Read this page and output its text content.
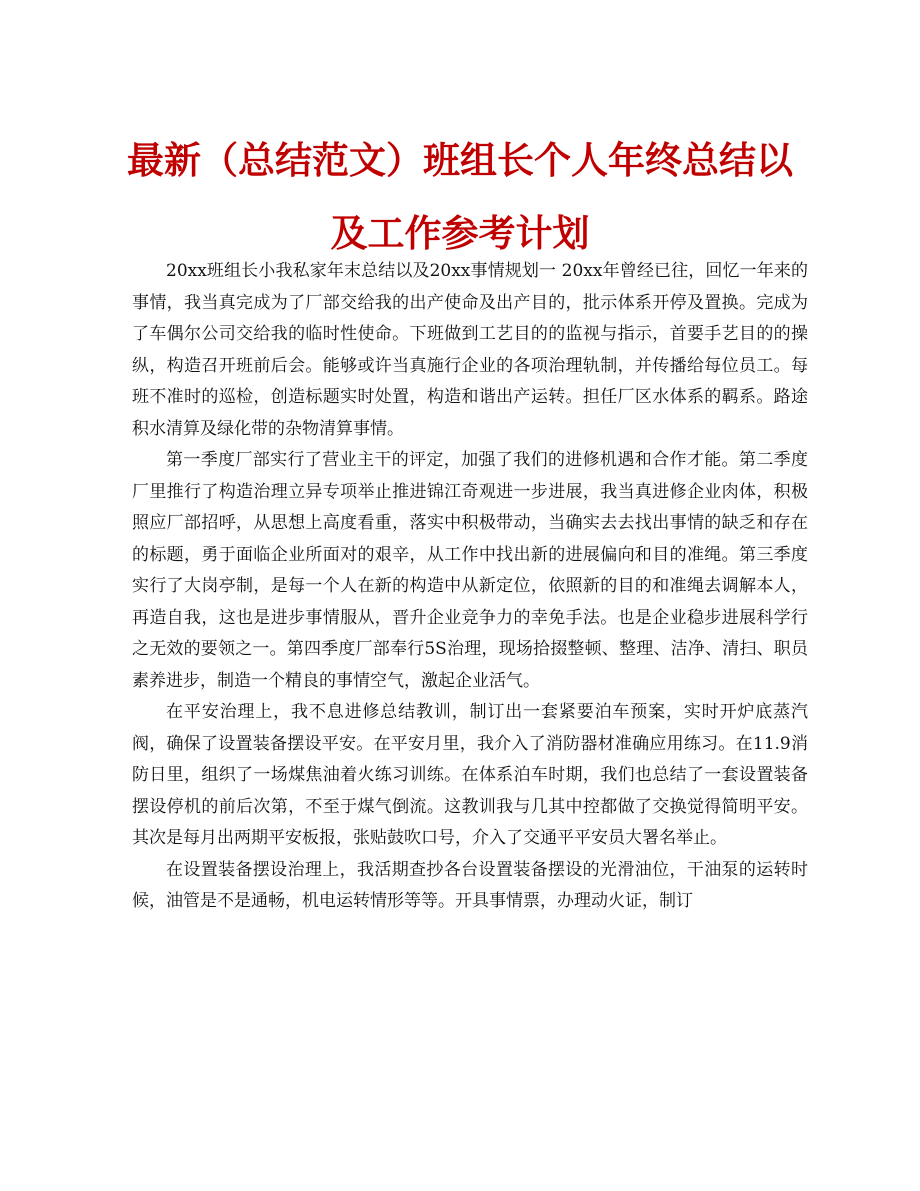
最新（总结范文）班组长个人年终总结以及工作参考计划

20xx班组长小我私家年末总结以及20xx事情规划一 20xx年曾经已往，回忆一年来的事情，我当真完成为了厂部交给我的出产使命及出产目的，批示体系开停及置换。完成为了车偶尔公司交给我的临时性使命。下班做到工艺目的的监视与指示，首要手艺目的的操纵，构造召开班前后会。能够或许当真施行企业的各项治理轨制，并传播给每位员工。每班不准时的巡检，创造标题实时处置，构造和谐出产运转。担任厂区水体系的羁系。路途积水清算及绿化带的杂物清算事情。

第一季度厂部实行了营业主干的评定，加强了我们的进修机遇和合作才能。第二季度厂里推行了构造治理立异专项举止推进锦江奇观进一步进展，我当真进修企业肉体，积极照应厂部招呼，从思想上高度看重，落实中积极带动，当确实去去找出事情的缺乏和存在的标题，勇于面临企业所面对的艰辛，从工作中找出新的进展偏向和目的准绳。第三季度实行了大岗亭制，是每一个人在新的构造中从新定位，依照新的目的和准绳去调解本人，再造自我，这也是进步事情服从，晋升企业竞争力的幸免手法。也是企业稳步进展科学行之无效的要领之一。第四季度厂部奉行5S治理，现场拾掇整顿、整理、洁净、清扫、职员素养进步，制造一个精良的事情空气，激起企业活气。

在平安治理上，我不息进修总结教训，制订出一套紧要泊车预案，实时开炉底蒸汽阀，确保了设置装备摆设平安。在平安月里，我介入了消防器材准确应用练习。在11.9消防日里，组织了一场煤焦油着火练习训练。在体系泊车时期，我们也总结了一套设置装备摆设停机的前后次第，不至于煤气倒流。这教训我与几其中控都做了交换觉得简明平安。其次是每月出两期平安板报，张贴鼓吹口号，介入了交通平平安员大署名举止。

在设置装备摆设治理上，我活期查抄各台设置装备摆设的光滑油位，干油泵的运转时候，油管是不是通畅，机电运转情形等等。开具事情票，办理动火证，制订
